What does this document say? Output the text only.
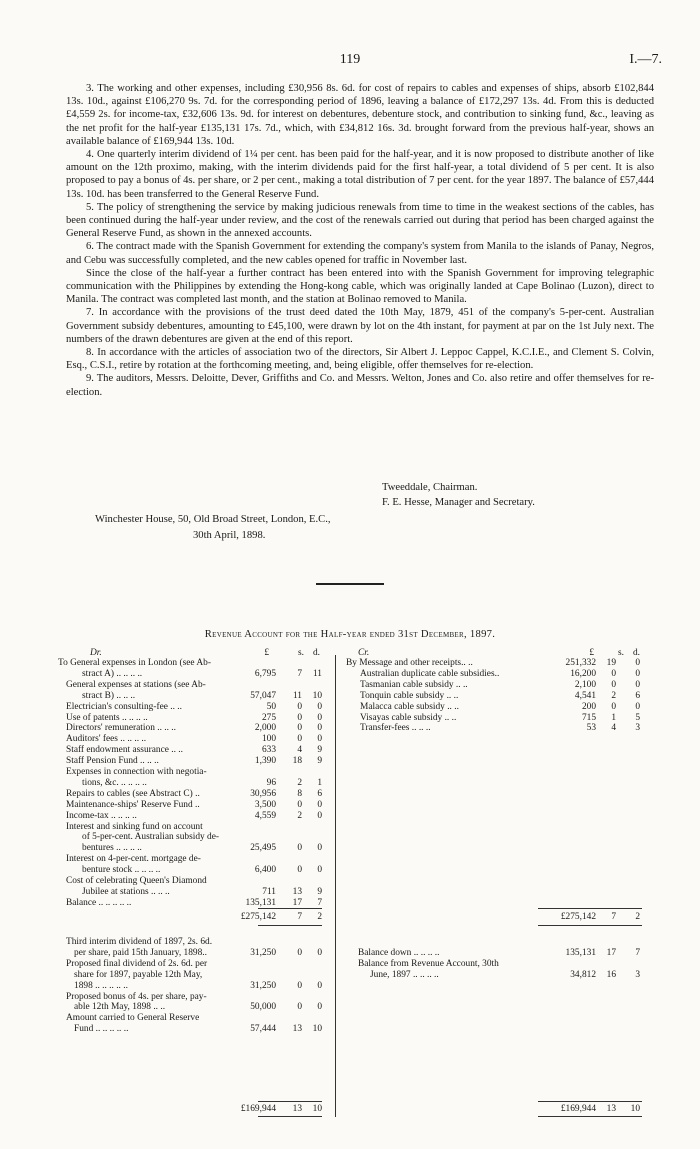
119	I.—7.

3. The working and other expenses, including £30,956 8s. 6d. for cost of repairs to cables and expenses of ships, absorb £102,844 13s. 10d., against £106,270 9s. 7d. for the corresponding period of 1896, leaving a balance of £172,297 13s. 4d. From this is deducted £4,559 2s. for income-tax, £32,606 13s. 9d. for interest on debentures, debenture stock, and contribution to sinking fund, &c., leaving as the net profit for the half-year £135,131 17s. 7d., which, with £34,812 16s. 3d. brought forward from the previous half-year, shows an available balance of £169,944 13s. 10d.

4. One quarterly interim dividend of 1¼ per cent. has been paid for the half-year, and it is now proposed to distribute another of like amount on the 12th proximo, making, with the interim dividends paid for the first half-year, a total dividend of 5 per cent. It is also proposed to pay a bonus of 4s. per share, or 2 per cent., making a total distribution of 7 per cent. for the year 1897. The balance of £57,444 13s. 10d. has been transferred to the General Reserve Fund.

5. The policy of strengthening the service by making judicious renewals from time to time in the weakest sections of the cables, has been continued during the half-year under review, and the cost of the renewals carried out during that period has been charged against the General Reserve Fund, as shown in the annexed accounts.

6. The contract made with the Spanish Government for extending the company's system from Manila to the islands of Panay, Negros, and Cebu was successfully completed, and the new cables opened for traffic in November last.

Since the close of the half-year a further contract has been entered into with the Spanish Government for improving telegraphic communication with the Philippines by extending the Hong-kong cable, which was originally landed at Cape Bolinao (Luzon), direct to Manila. The contract was completed last month, and the station at Bolinao removed to Manila.

7. In accordance with the provisions of the trust deed dated the 10th May, 1879, 451 of the company's 5-per-cent. Australian Government subsidy debentures, amounting to £45,100, were drawn by lot on the 4th instant, for payment at par on the 1st July next. The numbers of the drawn debentures are given at the end of this report.

8. In accordance with the articles of association two of the directors, Sir Albert J. Leppoc Cappel, K.C.I.E., and Clement S. Colvin, Esq., C.S.I., retire by rotation at the forthcoming meeting, and, being eligible, offer themselves for re-election.

9. The auditors, Messrs. Deloitte, Dever, Griffiths and Co. and Messrs. Welton, Jones and Co. also retire and offer themselves for re-election.

Tweeddale, Chairman.
F. E. Hesse, Manager and Secretary.
Winchester House, 50, Old Broad Street, London, E.C.,
30th April, 1898.
Revenue Account for the Half-year ended 31st December, 1897.
Dr.	Cr.
£	s. d.	£	s. d.
To General expenses in London (see Ab-
stract A) .. .. .. ..	6,795	7	11
General expenses at stations (see Ab-
stract B) .. .. ..	57,047	11	10
Electrician's consulting-fee .. ..	50	0	0
Use of patents .. .. .. ..	275	0	0
Directors' remuneration .. .. ..	2,000	0	0
Auditors' fees .. .. .. ..	100	0	0
Staff endowment assurance .. ..	633	4	9
Staff Pension Fund .. .. ..	1,390	18	9
Expenses in connection with negotia-
tions, &c. .. .. .. ..	96	2	1
Repairs to cables (see Abstract C) ..	30,956	8	6
Maintenance-ships' Reserve Fund ..	3,500	0	0
Income-tax .. .. .. ..	4,559	2	0
Interest and sinking fund on account
of 5-per-cent. Australian subsidy de-
bentures .. .. .. ..	25,495	0	0
Interest on 4-per-cent. mortgage de-
benture stock .. .. .. ..	6,400	0	0
Cost of celebrating Queen's Diamond
Jubilee at stations .. .. ..	711	13	9
Balance .. .. .. .. ..	135,131	17	7
By Message and other receipts.. ..	251,332	19	0
Australian duplicate cable subsidies..	16,200	0	0
Tasmanian cable subsidy .. ..	2,100	0	0
Tonquin cable subsidy .. ..	4,541	2	6
Malacca cable subsidy .. ..	200	0	0
Visayas cable subsidy .. ..	715	1	5
Transfer-fees .. .. ..	53	4	3
£275,142	7	2	£275,142	7	2
Third interim dividend of 1897, 2s. 6d.
per share, paid 15th January, 1898..	31,250	0	0
Proposed final dividend of 2s. 6d. per
share for 1897, payable 12th May,
1898 .. .. .. .. ..	31,250	0	0
Proposed bonus of 4s. per share, pay-
able 12th May, 1898 .. ..	50,000	0	0
Amount carried to General Reserve
Fund .. .. .. .. ..	57,444	13	10
Balance down .. .. .. ..	135,131	17	7
Balance from Revenue Account, 30th
June, 1897 .. .. .. ..	34,812	16	3
£169,944	13	10	£169,944	13	10
